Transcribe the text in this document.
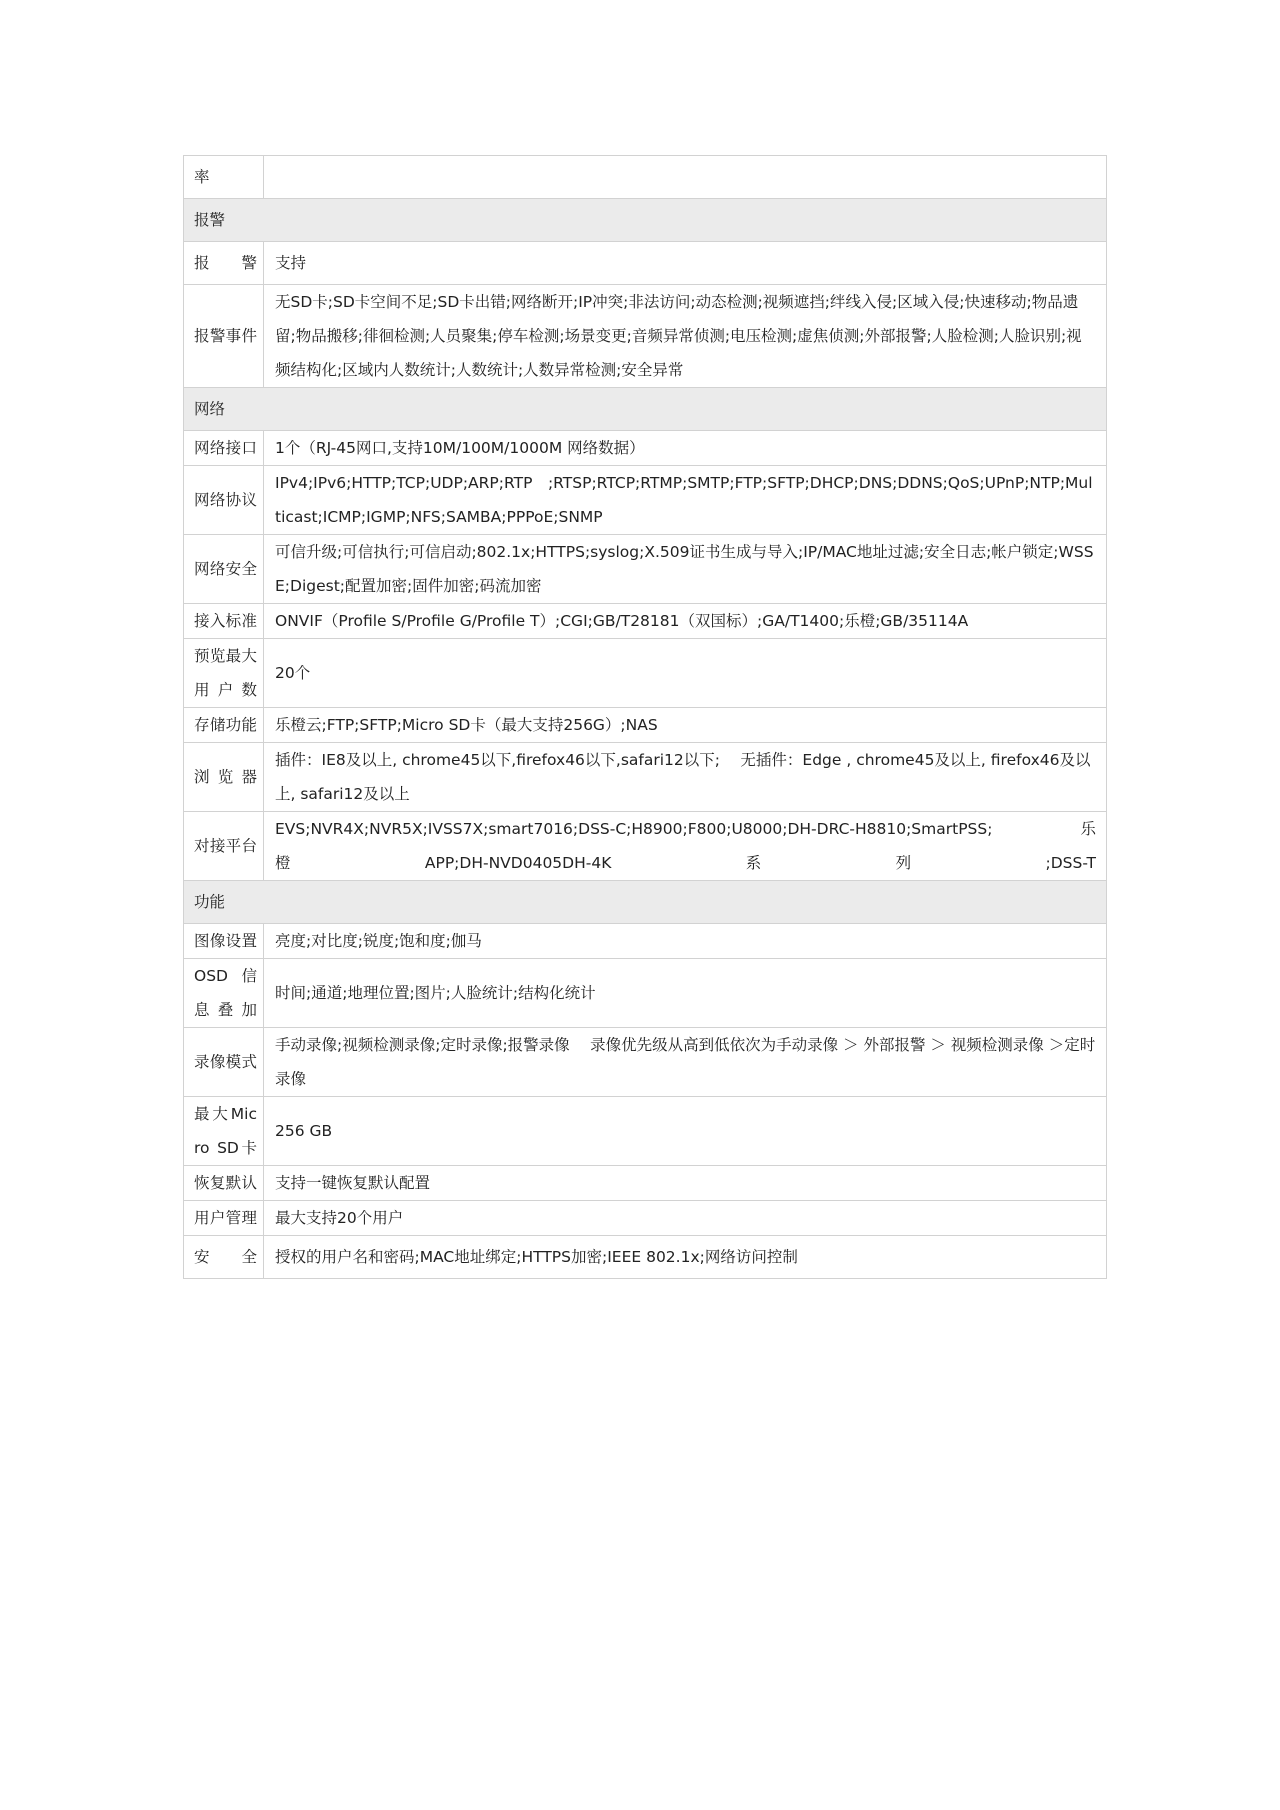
率	
报警	
报警	支持
报警事件	无SD卡;SD卡空间不足;SD卡出错;网络断开;IP冲突;非法访问;动态检测;视频遮挡;绊线入侵;区域入侵;快速移动;物品遗留;物品搬移;徘徊检测;人员聚集;停车检测;场景变更;音频异常侦测;电压检测;虚焦侦测;外部报警;人脸检测;人脸识别;视频结构化;区域内人数统计;人数统计;人数异常检测;安全异常
网络	
网络接口	1个（RJ-45网口,支持10M/100M/1000M 网络数据）
网络协议	IPv4;IPv6;HTTP;TCP;UDP;ARP;RTP　;RTSP;RTCP;RTMP;SMTP;FTP;SFTP;DHCP;DNS;DDNS;QoS;UPnP;NTP;Multicast;ICMP;IGMP;NFS;SAMBA;PPPoE;SNMP
网络安全	可信升级;可信执行;可信启动;802.1x;HTTPS;syslog;X.509证书生成与导入;IP/MAC地址过滤;安全日志;帐户锁定;WSSE;Digest;配置加密;固件加密;码流加密
接入标准	ONVIF（Profile S/Profile G/Profile T）;CGI;GB/T28181（双国标）;GA/T1400;乐橙;GB/35114A
预览最大用户数	20个
存储功能	乐橙云;FTP;SFTP;Micro SD卡（最大支持256G）;NAS
浏览器	插件：IE8及以上, chrome45以下,firefox46以下,safari12以下;　 无插件：Edge , chrome45及以上, firefox46及以上, safari12及以上
对接平台	EVS;NVR4X;NVR5X;IVSS7X;smart7016;DSS-C;H8900;F800;U8000;DH-DRC-H8810;SmartPSS;　　　　乐　　　橙APP;DH-NVD0405DH-4K系列;DSS-T
功能	
图像设置	亮度;对比度;锐度;饱和度;伽马
OSD信息叠加	时间;通道;地理位置;图片;人脸统计;结构化统计
录像模式	手动录像;视频检测录像;定时录像;报警录像　 录像优先级从高到低依次为手动录像 ＞ 外部报警 ＞ 视频检测录像 ＞定时录像
最大Micro SD卡	256 GB
恢复默认	支持一键恢复默认配置
用户管理	最大支持20个用户
安全	授权的用户名和密码;MAC地址绑定;HTTPS加密;IEEE 802.1x;网络访问控制
